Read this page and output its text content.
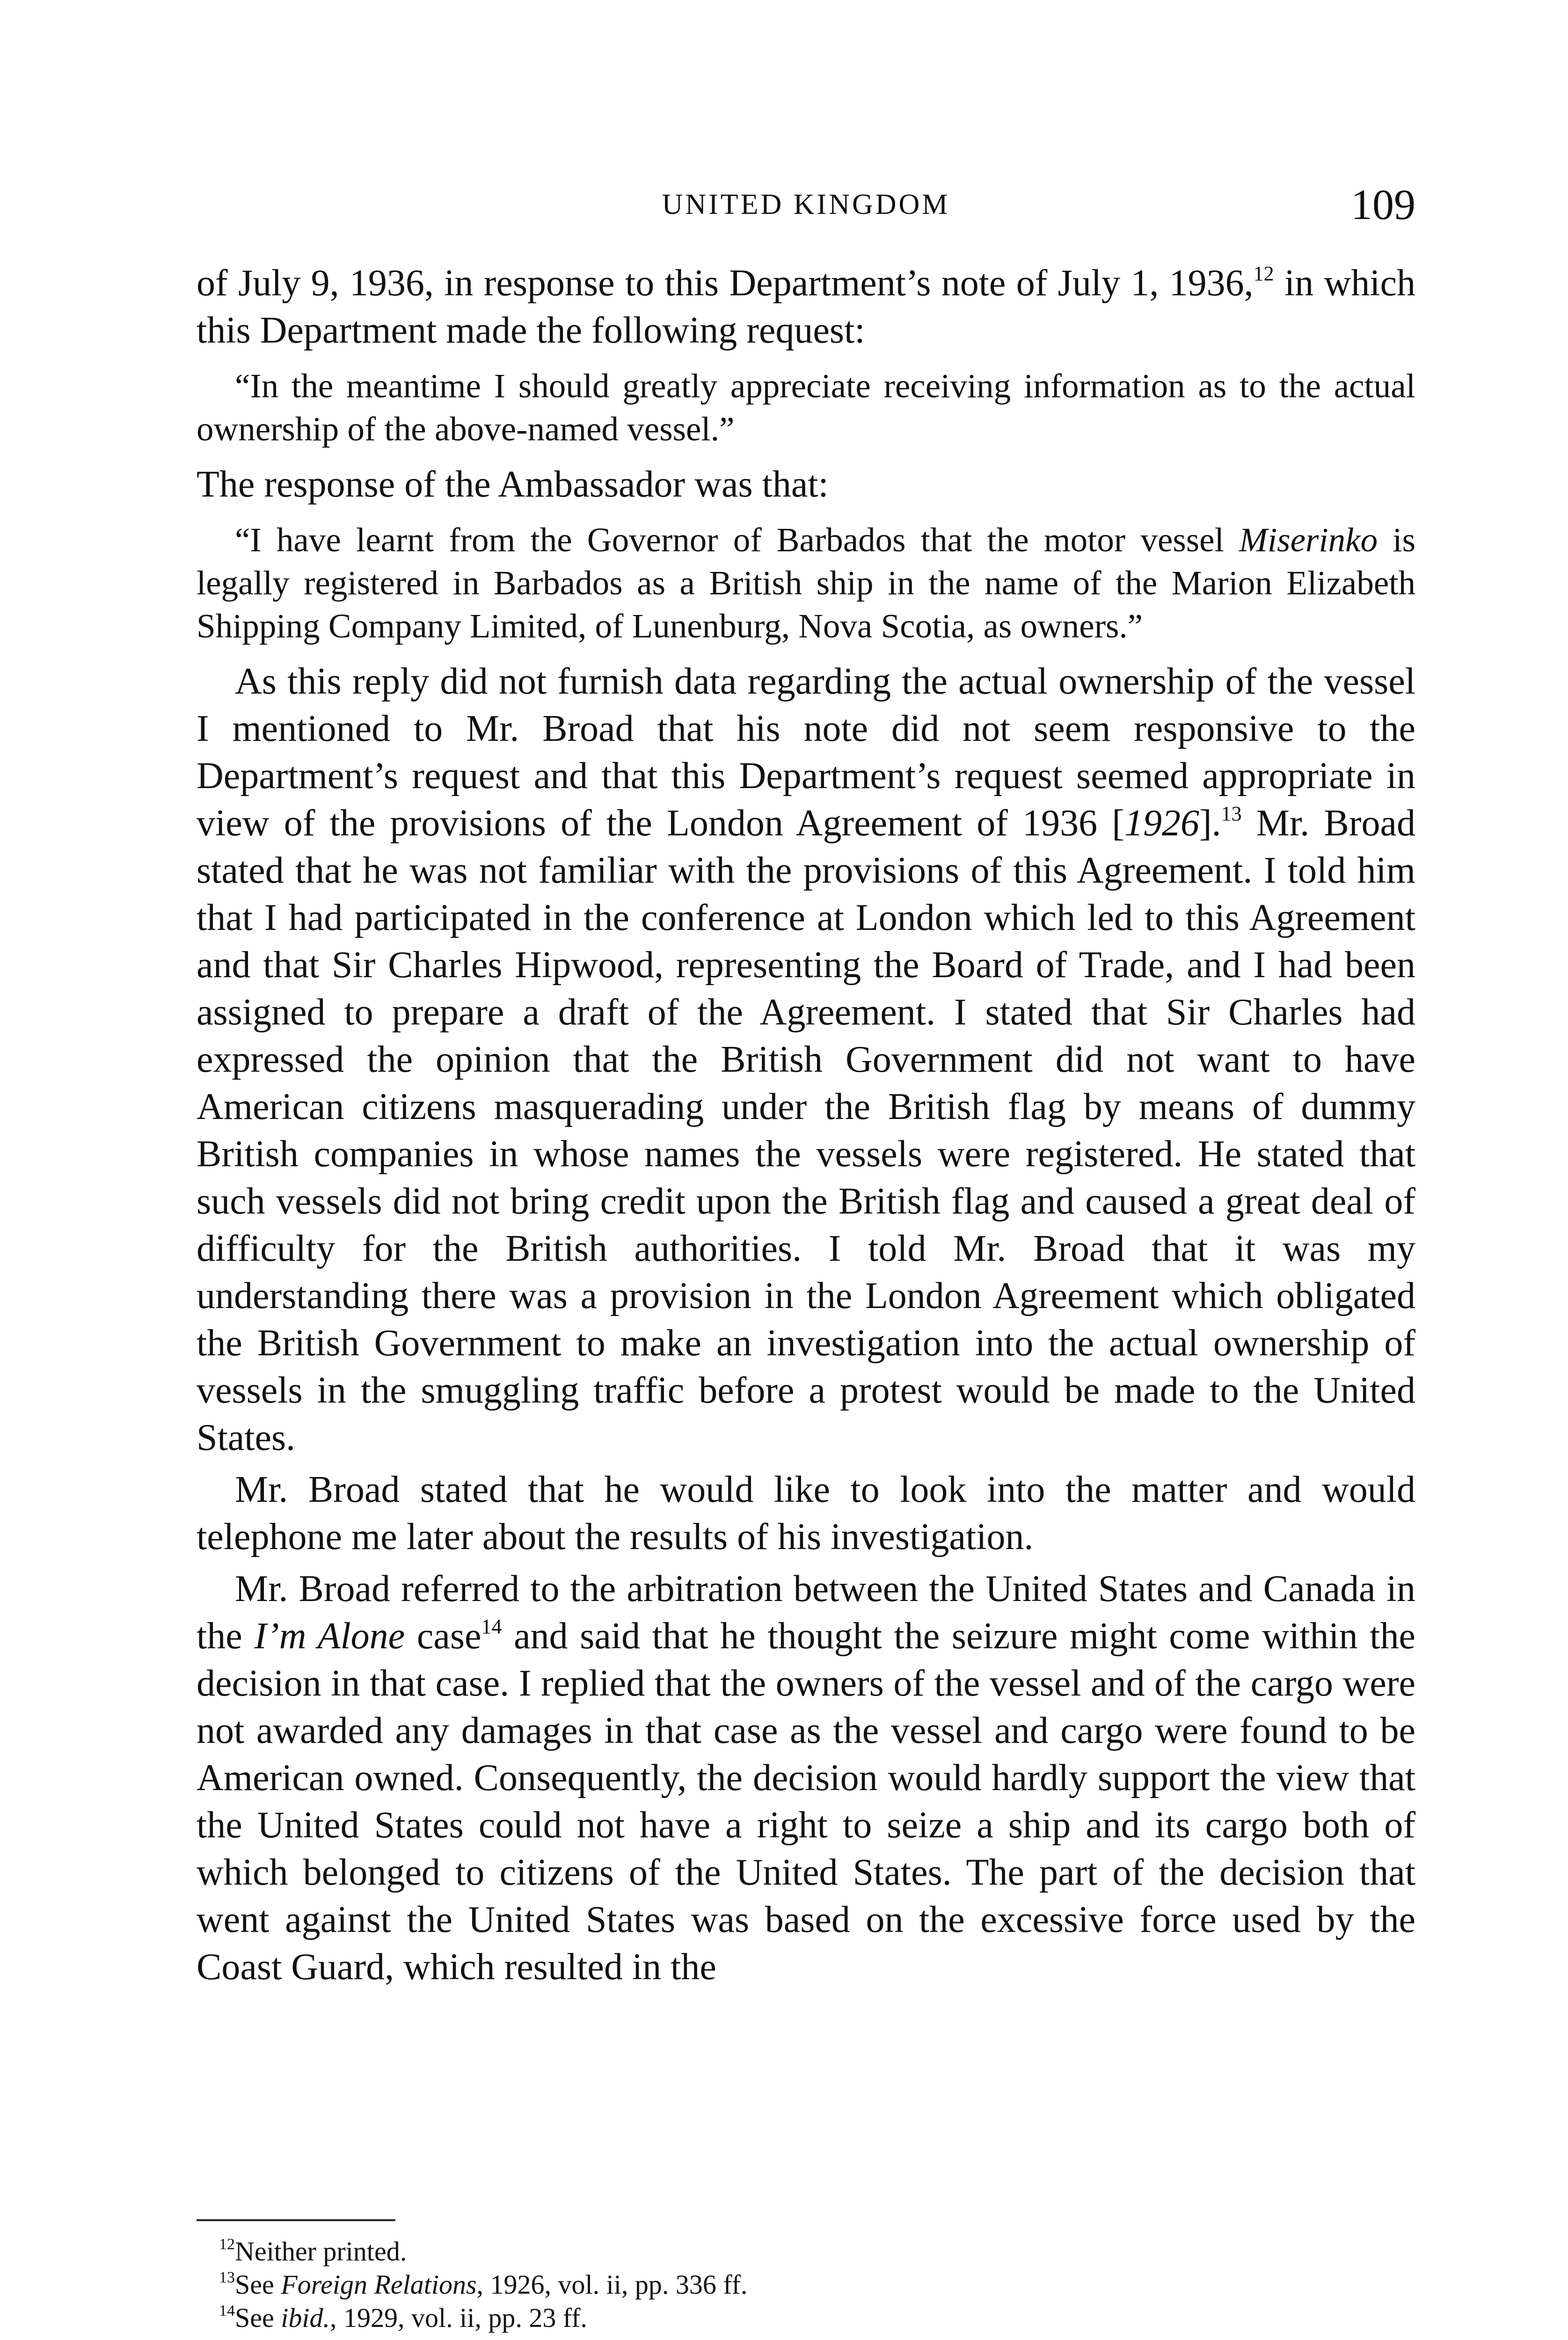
UNITED KINGDOM	109

of July 9, 1936, in response to this Department’s note of July 1, 1936,12 in which this Department made the following request:

“In the meantime I should greatly appreciate receiving information as to the actual ownership of the above-named vessel.”

The response of the Ambassador was that:

“I have learnt from the Governor of Barbados that the motor vessel Miserinko is legally registered in Barbados as a British ship in the name of the Marion Elizabeth Shipping Company Limited, of Lunenburg, Nova Scotia, as owners.”

As this reply did not furnish data regarding the actual ownership of the vessel I mentioned to Mr. Broad that his note did not seem responsive to the Department’s request and that this Department’s request seemed appropriate in view of the provisions of the London Agreement of 1936 [1926].$^{13}$ Mr. Broad stated that he was not familiar with the provisions of this Agreement. I told him that I had participated in the conference at London which led to this Agreement and that Sir Charles Hipwood, representing the Board of Trade, and I had been assigned to prepare a draft of the Agreement. I stated that Sir Charles had expressed the opinion that the British Government did not want to have American citizens masquerading under the British flag by means of dummy British companies in whose names the vessels were registered. He stated that such vessels did not bring credit upon the British flag and caused a great deal of difficulty for the British authorities. I told Mr. Broad that it was my understanding there was a provision in the London Agreement which obligated the British Government to make an investigation into the actual ownership of vessels in the smuggling traffic before a protest would be made to the United States.

Mr. Broad stated that he would like to look into the matter and would telephone me later about the results of his investigation.

Mr. Broad referred to the arbitration between the United States and Canada in the I’m Alone case$^{14}$ and said that he thought the seizure might come within the decision in that case. I replied that the owners of the vessel and of the cargo were not awarded any damages in that case as the vessel and cargo were found to be American owned. Consequently, the decision would hardly support the view that the United States could not have a right to seize a ship and its cargo both of which belonged to citizens of the United States. The part of the decision that went against the United States was based on the excessive force used by the Coast Guard, which resulted in the

$^{12}$Neither printed.

$^{13}$See Foreign Relations, 1926, vol. ii, pp. 336 ff.

$^{14}$See ibid., 1929, vol. ii, pp. 23 ff.
